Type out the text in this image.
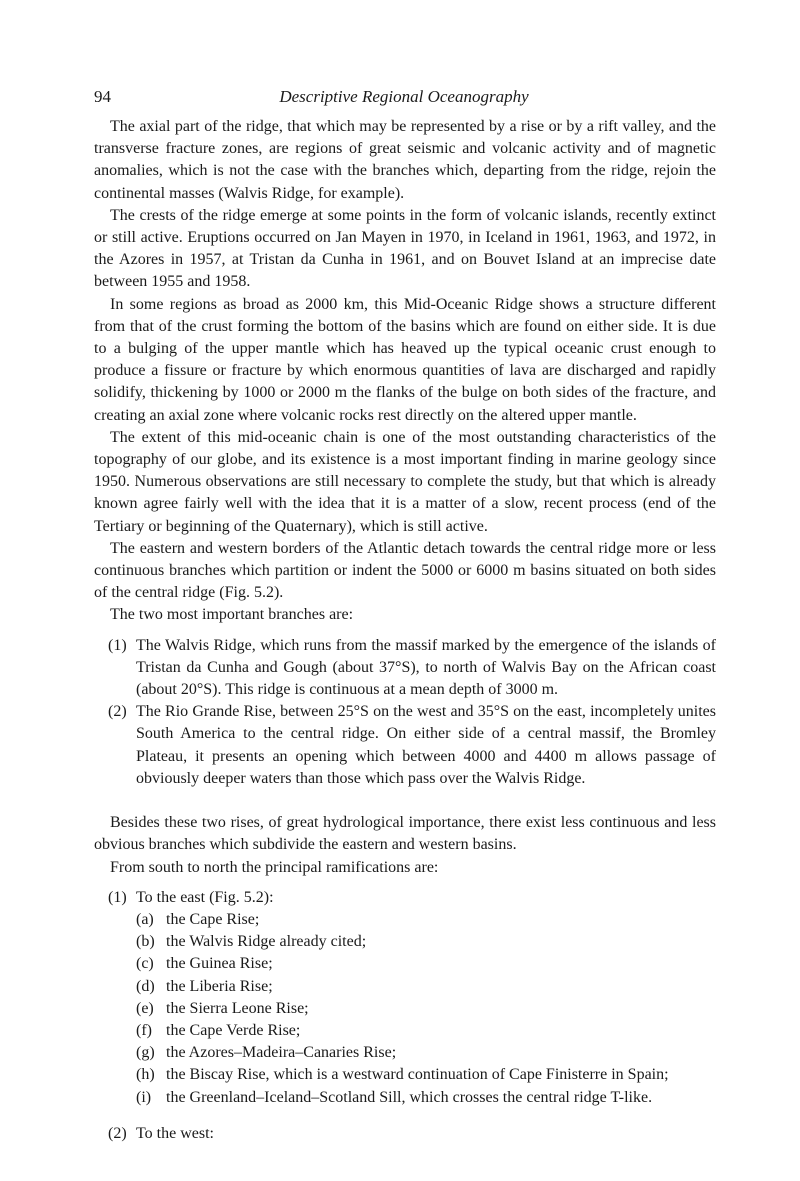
94	Descriptive Regional Oceanography

The axial part of the ridge, that which may be represented by a rise or by a rift valley, and the transverse fracture zones, are regions of great seismic and volcanic activity and of magnetic anomalies, which is not the case with the branches which, departing from the ridge, rejoin the continental masses (Walvis Ridge, for example).

The crests of the ridge emerge at some points in the form of volcanic islands, recently extinct or still active. Eruptions occurred on Jan Mayen in 1970, in Iceland in 1961, 1963, and 1972, in the Azores in 1957, at Tristan da Cunha in 1961, and on Bouvet Island at an imprecise date between 1955 and 1958.

In some regions as broad as 2000 km, this Mid-Oceanic Ridge shows a structure different from that of the crust forming the bottom of the basins which are found on either side. It is due to a bulging of the upper mantle which has heaved up the typical oceanic crust enough to produce a fissure or fracture by which enormous quantities of lava are discharged and rapidly solidify, thickening by 1000 or 2000 m the flanks of the bulge on both sides of the fracture, and creating an axial zone where volcanic rocks rest directly on the altered upper mantle.

The extent of this mid-oceanic chain is one of the most outstanding characteristics of the topography of our globe, and its existence is a most important finding in marine geology since 1950. Numerous observations are still necessary to complete the study, but that which is already known agree fairly well with the idea that it is a matter of a slow, recent process (end of the Tertiary or beginning of the Quaternary), which is still active.

The eastern and western borders of the Atlantic detach towards the central ridge more or less continuous branches which partition or indent the 5000 or 6000 m basins situated on both sides of the central ridge (Fig. 5.2).

The two most important branches are:

(1) The Walvis Ridge, which runs from the massif marked by the emergence of the islands of Tristan da Cunha and Gough (about 37°S), to north of Walvis Bay on the African coast (about 20°S). This ridge is continuous at a mean depth of 3000 m.
(2) The Rio Grande Rise, between 25°S on the west and 35°S on the east, incompletely unites South America to the central ridge. On either side of a central massif, the Bromley Plateau, it presents an opening which between 4000 and 4400 m allows passage of obviously deeper waters than those which pass over the Walvis Ridge.

Besides these two rises, of great hydrological importance, there exist less continuous and less obvious branches which subdivide the eastern and western basins.

From south to north the principal ramifications are:

(1) To the east (Fig. 5.2):
(a) the Cape Rise;
(b) the Walvis Ridge already cited;
(c) the Guinea Rise;
(d) the Liberia Rise;
(e) the Sierra Leone Rise;
(f) the Cape Verde Rise;
(g) the Azores–Madeira–Canaries Rise;
(h) the Biscay Rise, which is a westward continuation of Cape Finisterre in Spain;
(i) the Greenland–Iceland–Scotland Sill, which crosses the central ridge T-like.
(2) To the west:
